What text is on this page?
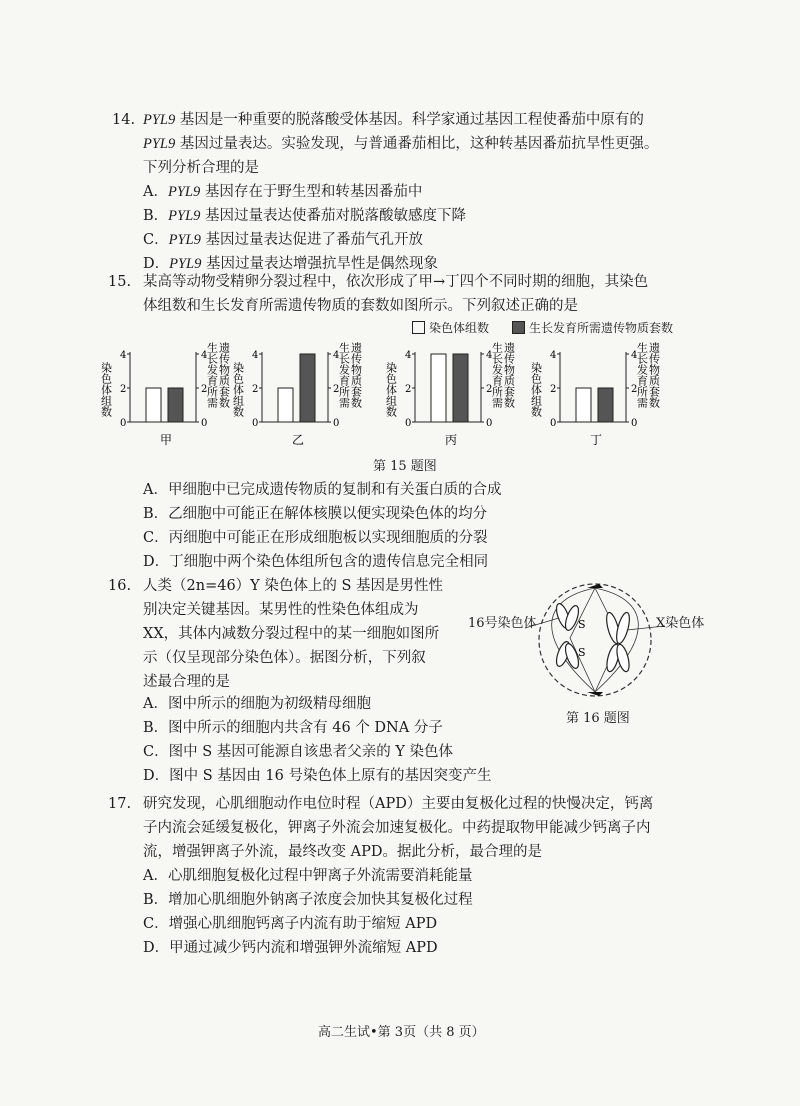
14. PYL9 基因是一种重要的脱落酸受体基因。科学家通过基因工程使番茄中原有的
PYL9 基因过量表达。实验发现，与普通番茄相比，这种转基因番茄抗旱性更强。
下列分析合理的是
A．PYL9 基因存在于野生型和转基因番茄中
B．PYL9 基因过量表达使番茄对脱落酸敏感度下降
C．PYL9 基因过量表达促进了番茄气孔开放
D．PYL9 基因过量表达增强抗旱性是偶然现象
15. 某高等动物受精卵分裂过程中，依次形成了甲→丁四个不同时期的细胞，其染色
体组数和生长发育所需遗传物质的套数如图所示。下列叙述正确的是
染色体组数	生长发育所需遗传物质套数
0	0
2	2
4	4
染色体组数	生长发育所需 遗传物质套数
甲
0	0
2	2
4	4
染色体组数	生长发育所需 遗传物质套数
乙
0	0
2	2
4	4
染色体组数	生长发育所需 遗传物质套数
丙
0	0
2	2
4	4
染色体组数	生长发育所需 遗传物质套数
丁
第 15 题图
A．甲细胞中已完成遗传物质的复制和有关蛋白质的合成
B．乙细胞中可能正在解体核膜以便实现染色体的均分
C．丙细胞中可能正在形成细胞板以实现细胞质的分裂
D．丁细胞中两个染色体组所包含的遗传信息完全相同
16. 人类（2n=46）Y 染色体上的 S 基因是男性性
别决定关键基因。某男性的性染色体组成为
XX，其体内减数分裂过程中的某一细胞如图所
示（仅呈现部分染色体）。据图分析，下列叙
述最合理的是
A．图中所示的细胞为初级精母细胞
B．图中所示的细胞内共含有 46 个 DNA 分子
C．图中 S 基因可能源自该患者父亲的 Y 染色体
D．图中 S 基因由 16 号染色体上原有的基因突变产生
S
S
16号染色体	X染色体
第 16 题图
17. 研究发现，心肌细胞动作电位时程（APD）主要由复极化过程的快慢决定，钙离
子内流会延缓复极化，钾离子外流会加速复极化。中药提取物甲能减少钙离子内
流，增强钾离子外流，最终改变 APD。据此分析，最合理的是
A．心肌细胞复极化过程中钾离子外流需要消耗能量
B．增加心肌细胞外钠离子浓度会加快其复极化过程
C．增强心肌细胞钙离子内流有助于缩短 APD
D．甲通过减少钙内流和增强钾外流缩短 APD
高二生试•第 3页（共 8 页）
